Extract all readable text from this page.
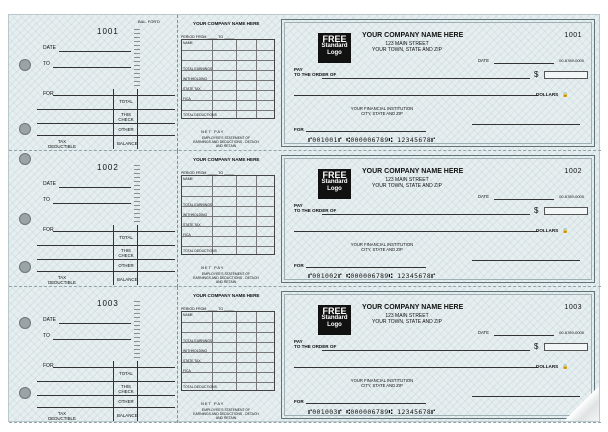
BAL. FOR'D
1001
DATE
TO
FOR
TOTAL
THIS CHECK
OTHER
BALANCE
TAX DEDUCTIBLE
YOUR COMPANY NAME HERE
PERIOD FROM _____ TO _____
NAME
TOTAL EARNINGS
WITHHOLDING
STATE TAX
FICA
TOTAL DEDUCTIONS
NET PAY
EMPLOYEE'S STATEMENT OF EARNINGS AND DEDUCTIONS - DETACH AND RETAIN
FREE
Standard
Logo
YOUR COMPANY NAME HERE
123 MAIN STREET
YOUR TOWN, STATE AND ZIP
1001
DATE	00-6789-0000
PAY
TO THE ORDER OF	$
DOLLARS 🔒
YOUR FINANCIAL INSTITUTION
CITY, STATE AND ZIP
FOR
⑈001001⑈ ⑆000006789⑆ 12345678⑈
1002
DATE
TO
FOR
TOTAL
THIS CHECK
OTHER
BALANCE
TAX DEDUCTIBLE
YOUR COMPANY NAME HERE
PERIOD FROM _____ TO _____
NAME
TOTAL EARNINGS
WITHHOLDING
STATE TAX
FICA
TOTAL DEDUCTIONS
NET PAY
EMPLOYEE'S STATEMENT OF EARNINGS AND DEDUCTIONS - DETACH AND RETAIN
FREE
Standard
Logo
YOUR COMPANY NAME HERE
123 MAIN STREET
YOUR TOWN, STATE AND ZIP
1002
DATE	00-6789-0000
PAY
TO THE ORDER OF	$
DOLLARS 🔒
YOUR FINANCIAL INSTITUTION
CITY, STATE AND ZIP
FOR
⑈001002⑈ ⑆000006789⑆ 12345678⑈
1003
DATE
TO
FOR
TOTAL
THIS CHECK
OTHER
BALANCE
TAX DEDUCTIBLE
YOUR COMPANY NAME HERE
PERIOD FROM _____ TO _____
NAME
TOTAL EARNINGS
WITHHOLDING
STATE TAX
FICA
TOTAL DEDUCTIONS
NET PAY
EMPLOYEE'S STATEMENT OF EARNINGS AND DEDUCTIONS - DETACH AND RETAIN
FREE
Standard
Logo
YOUR COMPANY NAME HERE
123 MAIN STREET
YOUR TOWN, STATE AND ZIP
1003
DATE	00-6789-0000
PAY
TO THE ORDER OF	$
DOLLARS 🔒
YOUR FINANCIAL INSTITUTION
CITY, STATE AND ZIP
FOR
⑈001003⑈ ⑆000006789⑆ 12345678⑈
